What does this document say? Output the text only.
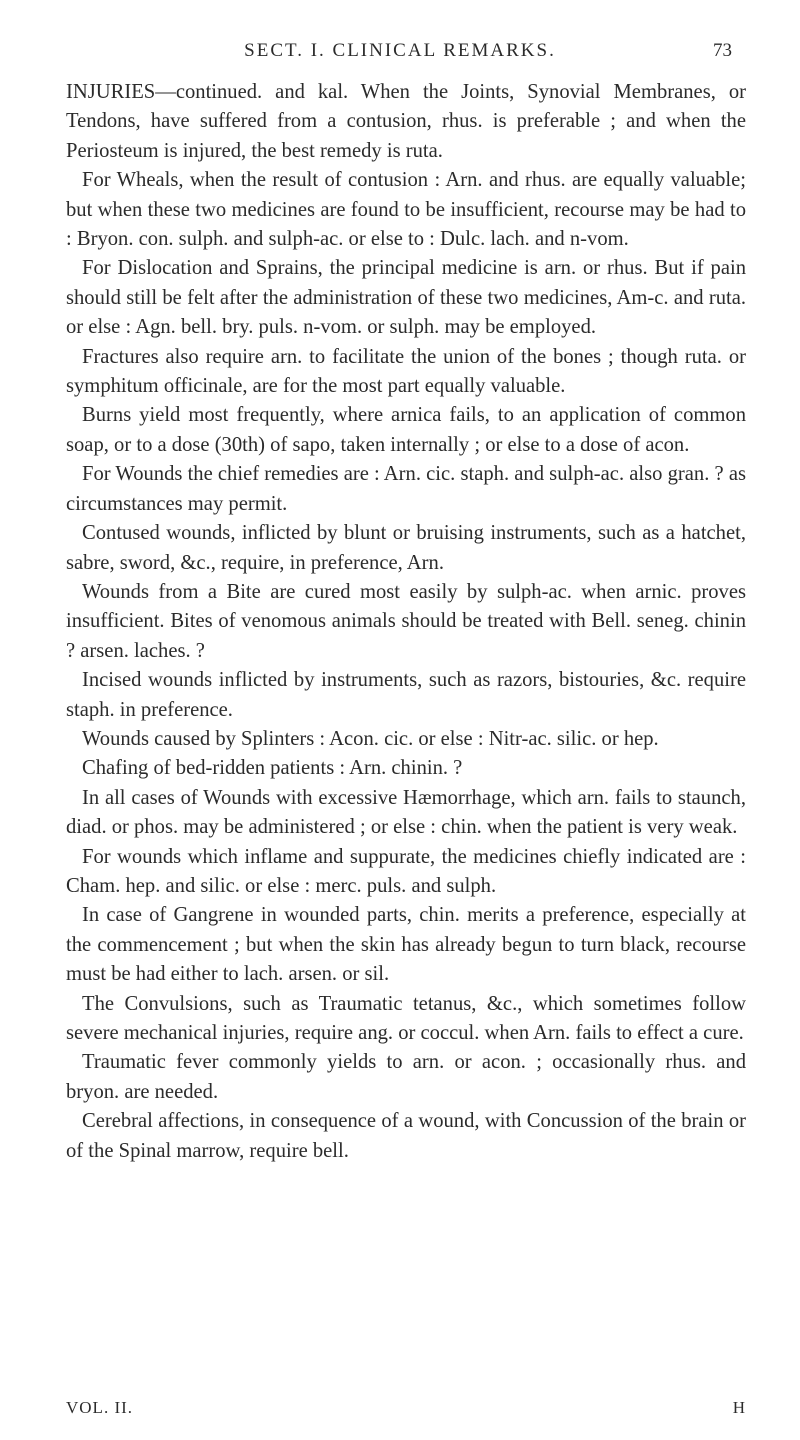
SECT. I. CLINICAL REMARKS.	73

INJURIES—continued. and kal. When the Joints, Synovial Membranes, or Tendons, have suffered from a contusion, rhus. is preferable ; and when the Periosteum is injured, the best remedy is ruta.

For Wheals, when the result of contusion : Arn. and rhus. are equally valuable; but when these two medicines are found to be insufficient, recourse may be had to : Bryon. con. sulph. and sulph-ac. or else to : Dulc. lach. and n-vom.

For Dislocation and Sprains, the principal medicine is arn. or rhus. But if pain should still be felt after the administration of these two medicines, Am-c. and ruta. or else : Agn. bell. bry. puls. n-vom. or sulph. may be employed.

Fractures also require arn. to facilitate the union of the bones ; though ruta. or symphitum officinale, are for the most part equally valuable.

Burns yield most frequently, where arnica fails, to an application of common soap, or to a dose (30th) of sapo, taken internally ; or else to a dose of acon.

For Wounds the chief remedies are : Arn. cic. staph. and sulph-ac. also gran. ? as circumstances may permit.

Contused wounds, inflicted by blunt or bruising instruments, such as a hatchet, sabre, sword, &c., require, in preference, Arn.

Wounds from a Bite are cured most easily by sulph-ac. when arnic. proves insufficient. Bites of venomous animals should be treated with Bell. seneg. chinin ? arsen. laches. ?

Incised wounds inflicted by instruments, such as razors, bistouries, &c. require staph. in preference.

Wounds caused by Splinters : Acon. cic. or else : Nitr-ac. silic. or hep.

Chafing of bed-ridden patients : Arn. chinin. ?

In all cases of Wounds with excessive Hæmorrhage, which arn. fails to staunch, diad. or phos. may be administered ; or else : chin. when the patient is very weak.

For wounds which inflame and suppurate, the medicines chiefly indicated are : Cham. hep. and silic. or else : merc. puls. and sulph.

In case of Gangrene in wounded parts, chin. merits a preference, especially at the commencement ; but when the skin has already begun to turn black, recourse must be had either to lach. arsen. or sil.

The Convulsions, such as Traumatic tetanus, &c., which sometimes follow severe mechanical injuries, require ang. or coccul. when Arn. fails to effect a cure.

Traumatic fever commonly yields to arn. or acon. ; occasionally rhus. and bryon. are needed.

Cerebral affections, in consequence of a wound, with Concussion of the brain or of the Spinal marrow, require bell.

VOL. II.	H
